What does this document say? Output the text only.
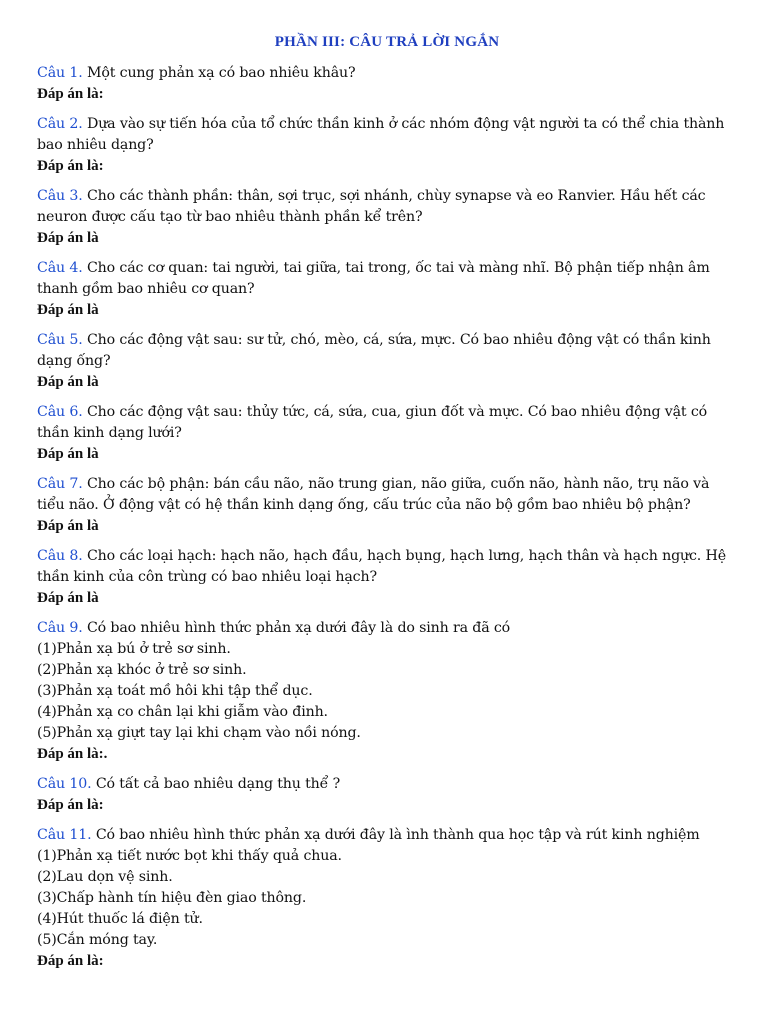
PHẦN III: CÂU TRẢ LỜI NGẮN

Câu 1. Một cung phản xạ có bao nhiêu khâu?

Đáp án là:

Câu 2. Dựa vào sự tiến hóa của tổ chức thần kinh ở các nhóm động vật người ta có thể chia thành bao nhiêu dạng?

Đáp án là:

Câu 3. Cho các thành phần: thân, sợi trục, sợi nhánh, chùy synapse và eo Ranvier. Hầu hết các neuron được cấu tạo từ bao nhiêu thành phần kể trên?

Đáp án là

Câu 4. Cho các cơ quan: tai người, tai giữa, tai trong, ốc tai và màng nhĩ. Bộ phận tiếp nhận âm thanh gồm bao nhiêu cơ quan?

Đáp án là

Câu 5. Cho các động vật sau: sư tử, chó, mèo, cá, sứa, mực. Có bao nhiêu động vật có thần kinh dạng ống?

Đáp án là

Câu 6. Cho các động vật sau: thủy tức, cá, sứa, cua, giun đốt và mực. Có bao nhiêu động vật có thần kinh dạng lưới?

Đáp án là

Câu 7. Cho các bộ phận: bán cầu não, não trung gian, não giữa, cuốn não, hành não, trụ não và tiểu não. Ở động vật có hệ thần kinh dạng ống, cấu trúc của não bộ gồm bao nhiêu bộ phận?

Đáp án là

Câu 8. Cho các loại hạch: hạch não, hạch đầu, hạch bụng, hạch lưng, hạch thân và hạch ngực. Hệ thần kinh của côn trùng có bao nhiêu loại hạch?

Đáp án là

Câu 9. Có bao nhiêu hình thức phản xạ dưới đây là do sinh ra đã có

(1)Phản xạ bú ở trẻ sơ sinh.

(2)Phản xạ khóc ở trẻ sơ sinh.

(3)Phản xạ toát mồ hôi khi tập thể dục.

(4)Phản xạ co chân lại khi giẫm vào đinh.

(5)Phản xạ giựt tay lại khi chạm vào nồi nóng.

Đáp án là:.

Câu 10. Có tất cả bao nhiêu dạng thụ thể ?

Đáp án là:

Câu 11. Có bao nhiêu hình thức phản xạ dưới đây là ình thành qua học tập và rút kinh nghiệm

(1)Phản xạ tiết nước bọt khi thấy quả chua.

(2)Lau dọn vệ sinh.

(3)Chấp hành tín hiệu đèn giao thông.

(4)Hút thuốc lá điện tử.

(5)Cắn móng tay.

Đáp án là:
